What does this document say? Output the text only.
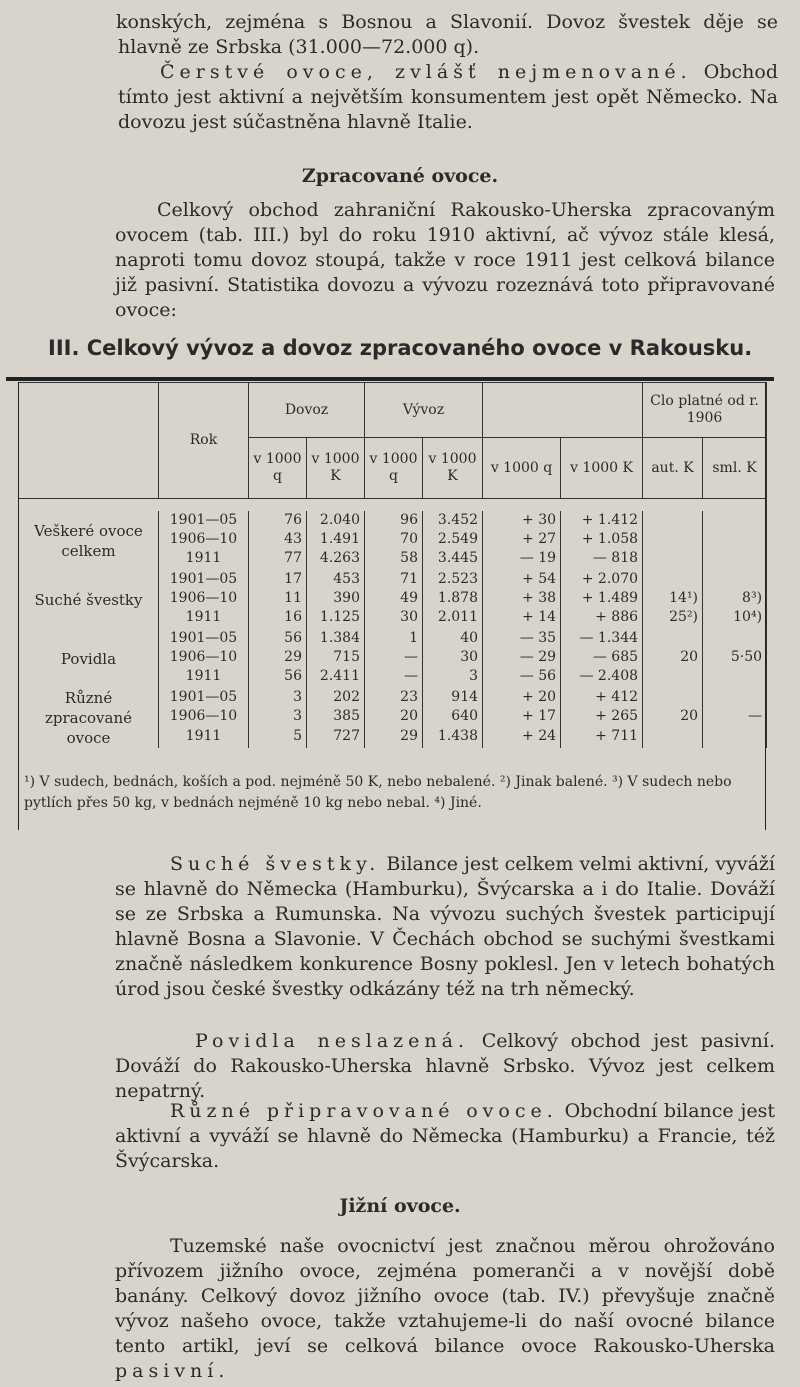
konských, zejména s Bosnou a Slavonií. Dovoz švestek děje se hlavně ze Srbska (31.000—72.000 q).
Čerstvé ovoce, zvlášť nejmenované. Obchod tímto jest aktivní a největším konsumentem jest opět Německo. Na dovozu jest súčastněna hlavně Italie.

Zpracované ovoce.

Celkový obchod zahraniční Rakousko-Uherska zpracovaným ovocem (tab. III.) byl do roku 1910 aktivní, ač vývoz stále klesá, naproti tomu dovoz stoupá, takže v roce 1911 jest celková bilance již pasivní. Statistika dovozu a vývozu rozeznává toto připravované ovoce:

III. Celkový vývoz a dovoz zpracovaného ovoce v Rakousku.

	Rok	Dovoz		Vývoz				Clo platné od r. 1906	
		v 1000 q	v 1000 K	v 1000 q	v 1000 K	v 1000 q	v 1000 K	aut. K	sml. K

Veškeré ovoce celkem	1901—05	76	2.040	96	3.452	+ 30	+ 1.412		
	1906—10	43	1.491	70	2.549	+ 27	+ 1.058		
	1911	77	4.263	58	3.445	— 19	— 818		
Suché švestky	1901—05	17	453	71	2.523	+ 54	+ 2.070		
	1906—10	11	390	49	1.878	+ 38	+ 1.489	14¹)	8³)
	1911	16	1.125	30	2.011	+ 14	+ 886	25²)	10⁴)
Povidla	1901—05	56	1.384	1	40	— 35	— 1.344		
	1906—10	29	715	—	30	— 29	— 685	20	5·50
	1911	56	2.411	—	3	— 56	— 2.408		
Různé zpracované ovoce	1901—05	3	202	23	914	+ 20	+ 412		
	1906—10	3	385	20	640	+ 17	+ 265	20	—
	1911	5	727	29	1.438	+ 24	+ 711		

¹) V sudech, bednách, koších a pod. nejméně 50 K, nebo nebalené. ²) Jinak balené. ³) V sudech nebo pytlích přes 50 kg, v bednách nejméně 10 kg nebo nebal. ⁴) Jiné.

Suché švestky. Bilance jest celkem velmi aktivní, vyváží se hlavně do Německa (Hamburku), Švýcarska a i do Italie. Dováží se ze Srbska a Rumunska. Na vývozu suchých švestek participují hlavně Bosna a Slavonie. V Čechách obchod se suchými švestkami značně následkem konkurence Bosny poklesl. Jen v letech bohatých úrod jsou české švestky odkázány též na trh německý.

Povidla neslazená. Celkový obchod jest pasivní. Dováží do Rakousko-Uherska hlavně Srbsko. Vývoz jest celkem nepatrný.

Různé připravované ovoce. Obchodní bilance jest aktivní a vyváží se hlavně do Německa (Hamburku) a Francie, též Švýcarska.

Jižní ovoce.

Tuzemské naše ovocnictví jest značnou měrou ohrožováno přívozem jižního ovoce, zejména pomeranči a v novější době banány. Celkový dovoz jižního ovoce (tab. IV.) převyšuje značně vývoz našeho ovoce, takže vztahujeme-li do naší ovocné bilance tento artikl, jeví se celková bilance ovoce Rakousko-Uherska pasivní.
